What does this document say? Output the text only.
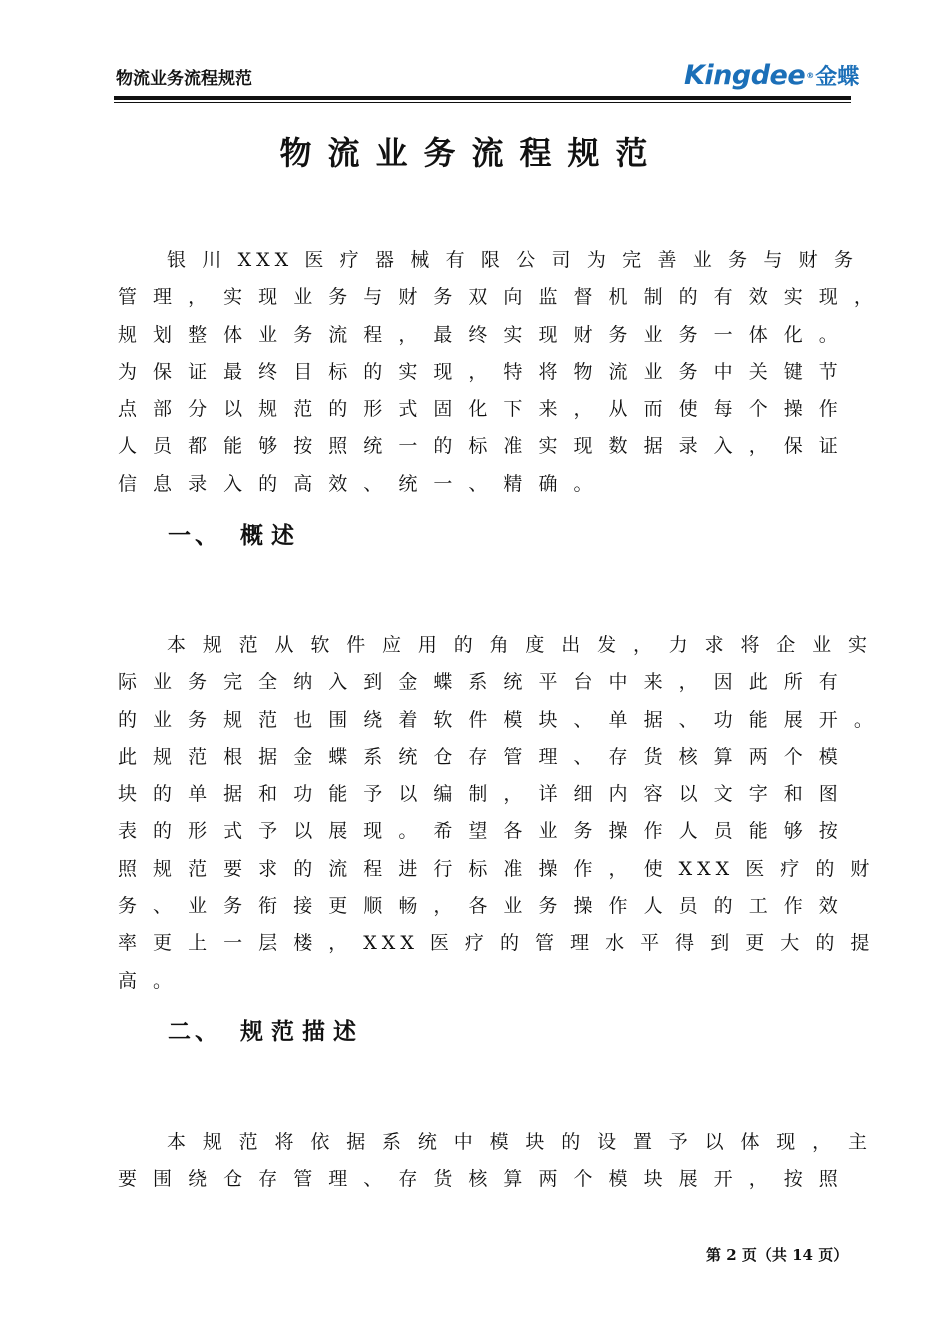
物流业务流程规范	Kingdee®金蝶
物流业务流程规范
银 川 XXX 医 疗 器 械 有 限 公 司 为 完 善 业 务 与 财 务
管 理 ， 实 现 业 务 与 财 务 双 向 监 督 机 制 的 有 效 实 现 ，
规 划 整 体 业 务 流 程 ， 最 终 实 现 财 务 业 务 一 体 化 。
为 保 证 最 终 目 标 的 实 现 ， 特 将 物 流 业 务 中 关 键 节
点 部 分 以 规 范 的 形 式 固 化 下 来 ， 从 而 使 每 个 操 作
人 员 都 能 够 按 照 统 一 的 标 准 实 现 数 据 录 入 ， 保 证
信 息 录 入 的 高 效 、 统 一 、 精 确 。
一、 概述
本 规 范 从 软 件 应 用 的 角 度 出 发 ， 力 求 将 企 业 实
际 业 务 完 全 纳 入 到 金 蝶 系 统 平 台 中 来 ， 因 此 所 有
的 业 务 规 范 也 围 绕 着 软 件 模 块 、 单 据 、 功 能 展 开 。
此 规 范 根 据 金 蝶 系 统 仓 存 管 理 、 存 货 核 算 两 个 模
块 的 单 据 和 功 能 予 以 编 制 ， 详 细 内 容 以 文 字 和 图
表 的 形 式 予 以 展 现 。 希 望 各 业 务 操 作 人 员 能 够 按
照 规 范 要 求 的 流 程 进 行 标 准 操 作 ， 使 XXX 医 疗 的 财
务 、 业 务 衔 接 更 顺 畅 ， 各 业 务 操 作 人 员 的 工 作 效
率 更 上 一 层 楼 ， XXX 医 疗 的 管 理 水 平 得 到 更 大 的 提
高 。
二、 规范描述
本 规 范 将 依 据 系 统 中 模 块 的 设 置 予 以 体 现 ， 主
要 围 绕 仓 存 管 理 、 存 货 核 算 两 个 模 块 展 开 ， 按 照
第 2 页（共 14 页）
